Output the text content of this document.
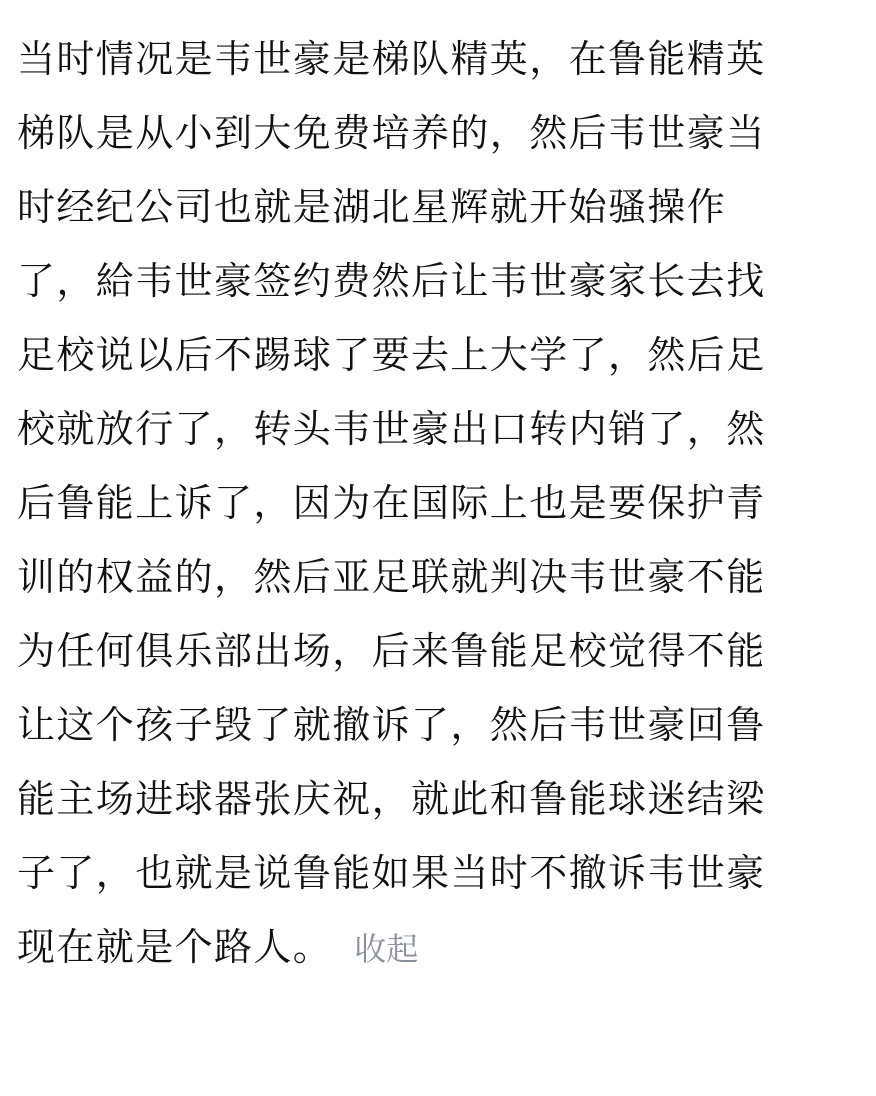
当时情况是韦世豪是梯队精英，在鲁能精英
梯队是从小到大免费培养的，然后韦世豪当
时经纪公司也就是湖北星辉就开始骚操作
了，給韦世豪签约费然后让韦世豪家长去找
足校说以后不踢球了要去上大学了，然后足
校就放行了，转头韦世豪出口转内销了，然
后鲁能上诉了，因为在国际上也是要保护青
训的权益的，然后亚足联就判决韦世豪不能
为任何俱乐部出场，后来鲁能足校觉得不能
让这个孩子毁了就撤诉了，然后韦世豪回鲁
能主场进球器张庆祝，就此和鲁能球迷结梁
子了，也就是说鲁能如果当时不撤诉韦世豪
现在就是个路人。 收起
